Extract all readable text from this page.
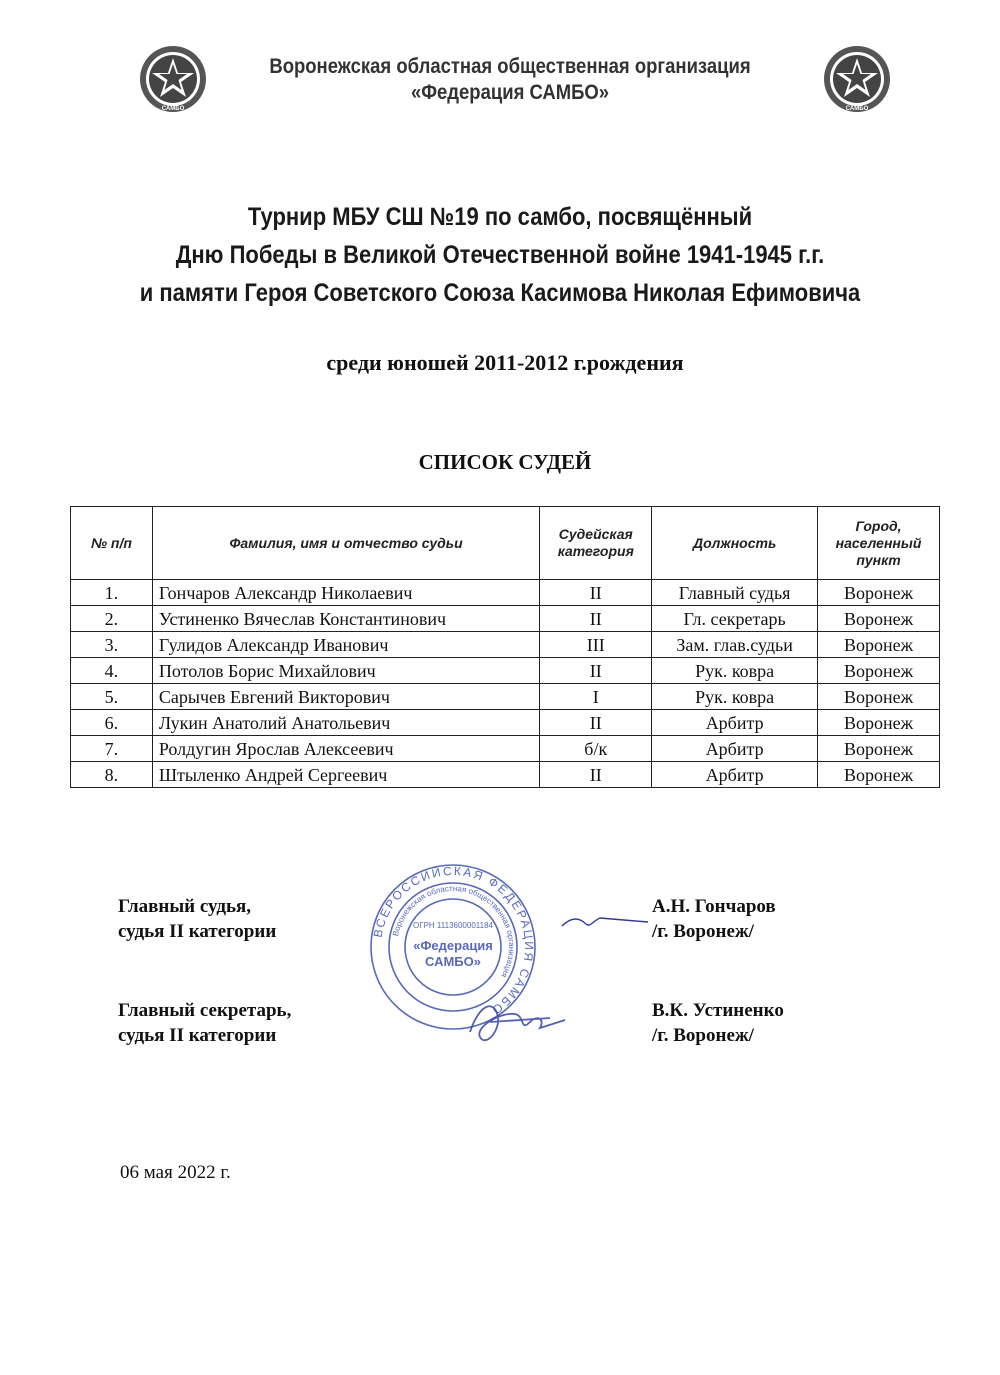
САМБО	САМБО
Воронежская областная общественная организация
«Федерация САМБО»
Турнир МБУ СШ №19 по самбо, посвящённый
Дню Победы в Великой Отечественной войне 1941-1945 г.г.
и памяти Героя Советского Союза Касимова Николая Ефимовича
среди юношей 2011-2012 г.рождения
СПИСОК СУДЕЙ
№ п/п	Фамилия, имя и отчество судьи	Судейская категория	Должность	Город, населенный пункт
1.	Гончаров Александр Николаевич	II	Главный судья	Воронеж
2.	Устиненко Вячеслав Константинович	II	Гл. секретарь	Воронеж
3.	Гулидов Александр Иванович	III	Зам. глав.судьи	Воронеж
4.	Потолов Борис Михайлович	II	Рук. ковра	Воронеж
5.	Сарычев Евгений Викторович	I	Рук. ковра	Воронеж
6.	Лукин Анатолий Анатольевич	II	Арбитр	Воронеж
7.	Ролдугин Ярослав Алексеевич	б/к	Арбитр	Воронеж
8.	Штыленко Андрей Сергеевич	II	Арбитр	Воронеж
Главный судья,
судья II категории
А.Н. Гончаров
/г. Воронеж/
Главный секретарь,
судья II категории
В.К. Устиненко
/г. Воронеж/
ВСЕРОССИЙСКАЯ ФЕДЕРАЦИЯ САМБО
Воронежская областная общественная организация
ОГРН 1113600001184
«Федерация
САМБО»
06 мая 2022 г.
